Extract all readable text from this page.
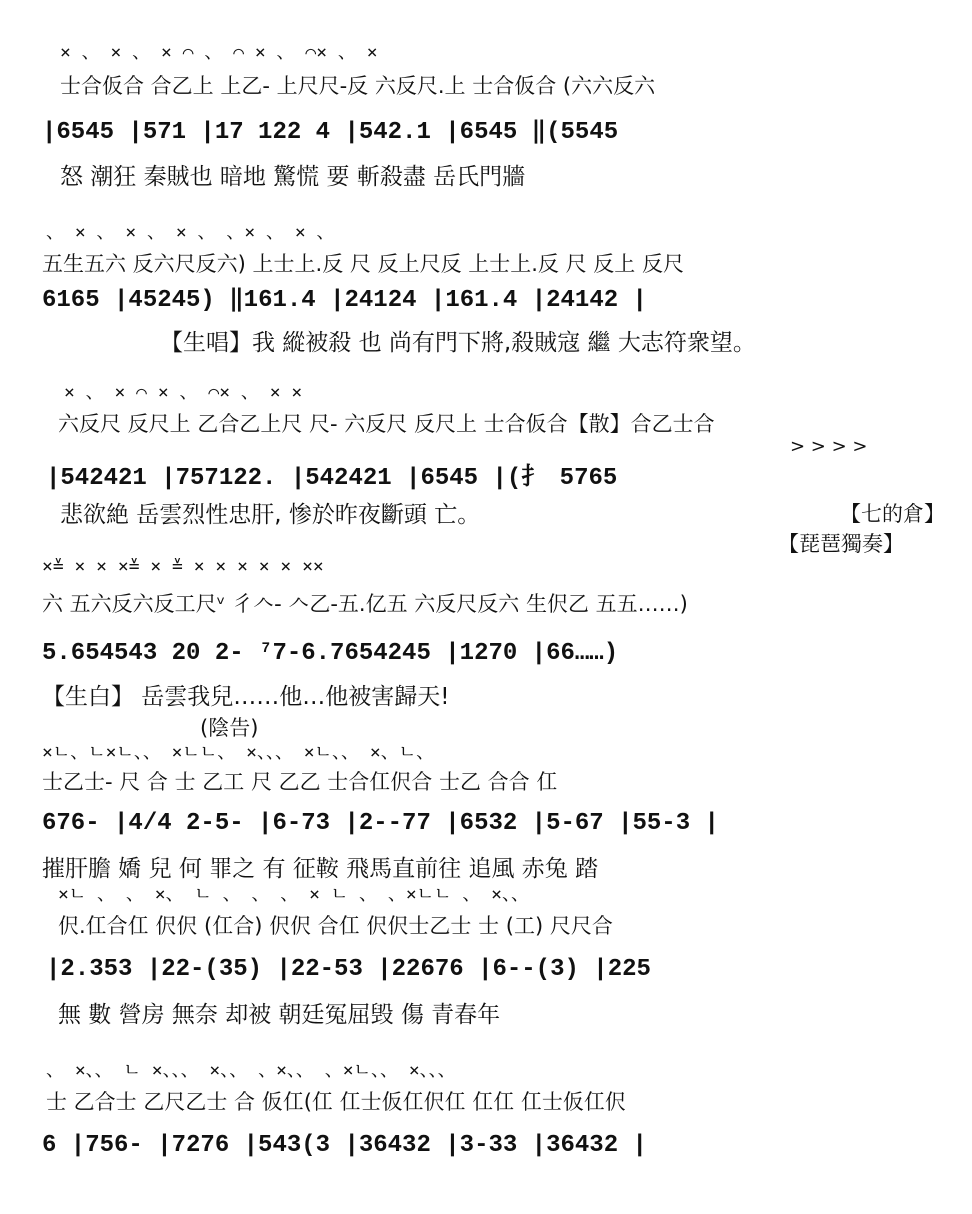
× 、 × 、 × ⌒ 、 ⌒ × 、 ⌒× 、 ×
士合仮合 合乙上 上乙- 上尺尺-反 六反尺.上 士合仮合 (六六反六
|6545 |571 |17 122 4 |542.1 |6545 ‖(5545
怒 潮狂 秦賊也 暗地 驚慌 要 斬殺盡 岳氏門牆
、 × 、 × 、 × 、 、× 、 × 、
五生五六 反六尺反六) 上士上.反 尺 反上尺反 上士上.反 尺 反上 反尺
6165 |45245) ‖161.4 |24124 |161.4 |24142 |
【生唱】我 縱被殺 也 尚有門下將,殺賊寇 繼 大志符衆望。
× 、 × ⌒ × 、 ⌒× 、 × ×
六反尺 反尺上 乙合乙上尺 尺- 六反尺 反尺上 士合仮合【散】合乙士合
|542421 |757122. |542421 |6545 |(⺘ 5765
> > > >
悲欲絶 岳雲烈性忠肝, 惨於昨夜斷頭 亡。	【七的倉】
【琵琶獨奏】
×≚ × × ×≚ × ≚ × × × × × ××
六 五六反六反工尺ᵛ 彳𠆢- 𠆢乙-五.亿五 六反尺反六 生伬乙 五五……)
5.654543 20 2- ⁷7-6.7654245 |1270 |66……)
【生白】 岳雲我兒……他…他被害歸天!
(陰告)
×ㄴ、ㄴ×ㄴ、、 ×ㄴㄴ、 ×、、、 ×ㄴ、、 ×、ㄴ、
士乙士- 尺 合 士 乙工 尺 乙乙 士合仜伬合 士乙 合合 仜
676- |4/4 2-5- |6-73 |2--77 |6532 |5-67 |55-3 |
摧肝膽 嬌 兒 何 罪之 有 征鞍 飛馬直前往 追風 赤兔 踏
×ㄴ 、 、 ×、 ㄴ 、 、 、 × ㄴ 、 、×ㄴㄴ 、 ×、、
伬.仜合仜 伬伬 (仜合) 伬伬 合仜 伬伬士乙士 士 (工) 尺尺合
|2.353 |22-(35) |22-53 |22676 |6--(3) |225
無 數 營房 無奈 却被 朝廷冤屈毁 傷 青春年
、 ×、、 ㄴ ×、、、 ×、、 、×、、 、×ㄴ、、 ×、、、
士 乙合士 乙尺乙士 合 仮仜(仜 仜士仮仜伬仜 仜仜 仜士仮仜伬
6 |756- |7276 |543(3 |36432 |3-33 |36432 |
